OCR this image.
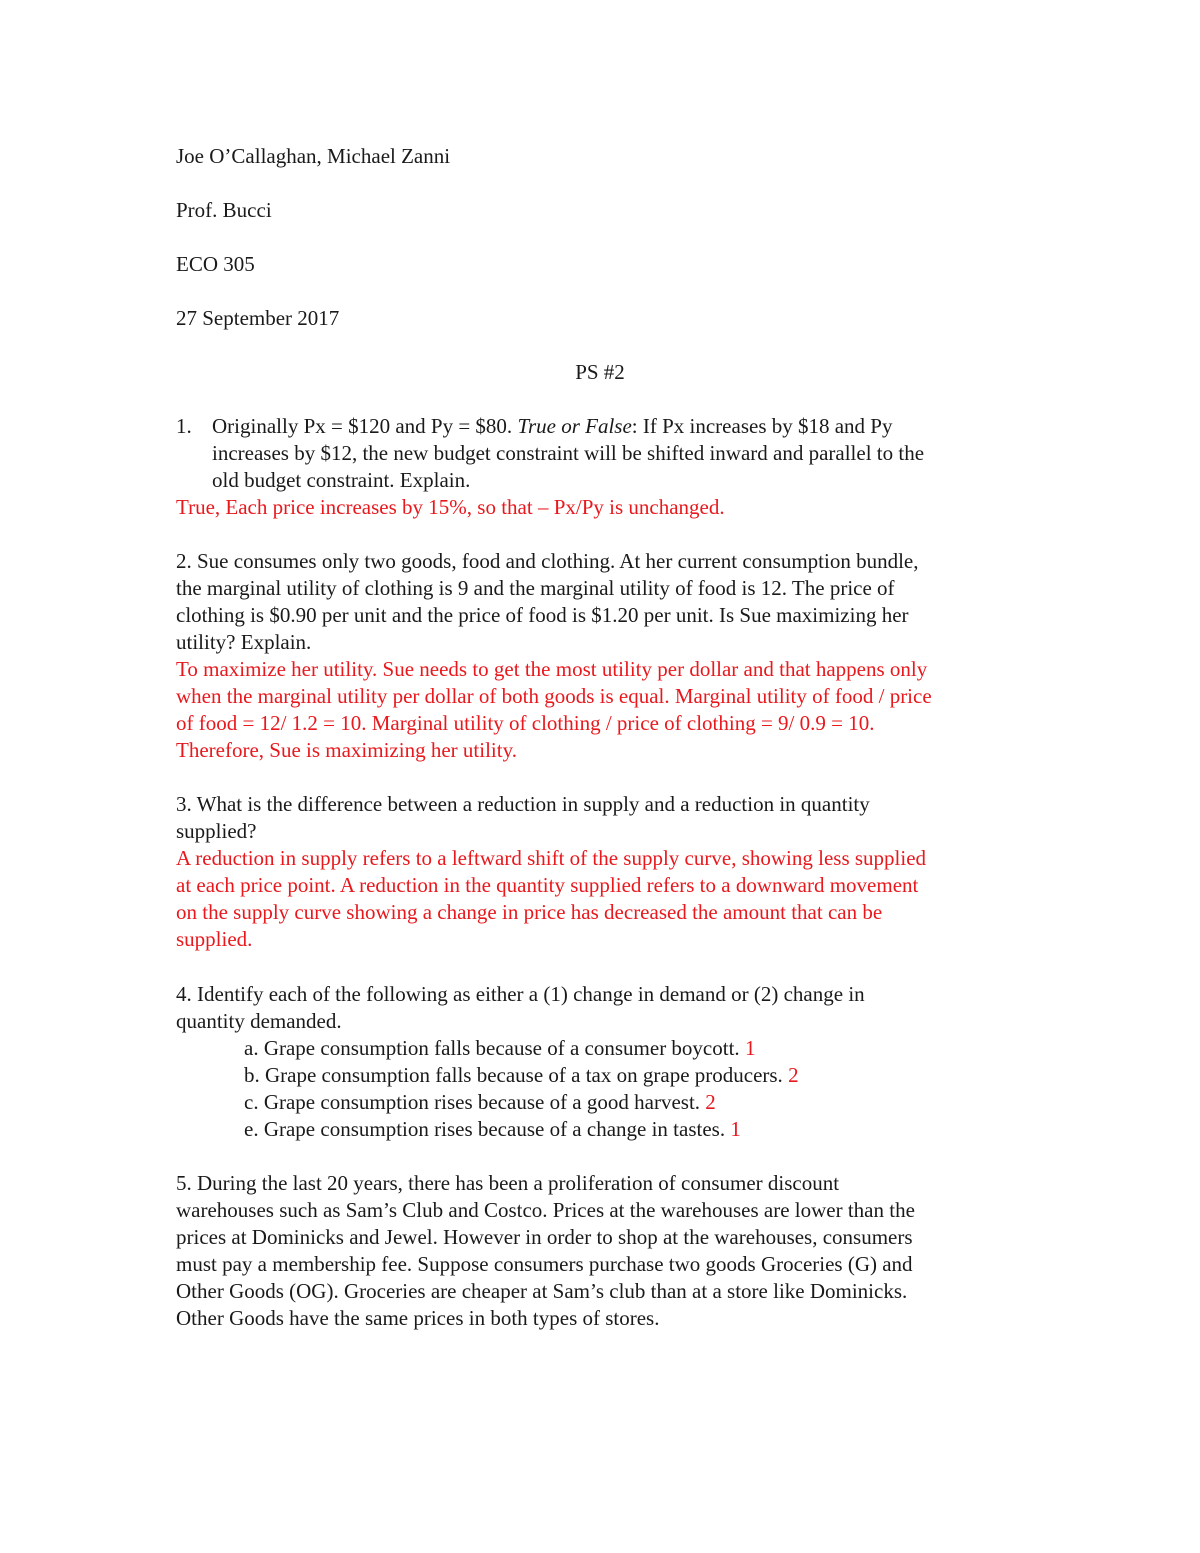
Joe O’Callaghan, Michael Zanni
Prof. Bucci
ECO 305
27 September 2017
PS #2
1. Originally Px = $120 and Py = $80. True or False: If Px increases by $18 and Py
increases by $12, the new budget constraint will be shifted inward and parallel to the
old budget constraint. Explain.
True, Each price increases by 15%, so that – Px/Py is unchanged.
2. Sue consumes only two goods, food and clothing. At her current consumption bundle,
the marginal utility of clothing is 9 and the marginal utility of food is 12. The price of
clothing is $0.90 per unit and the price of food is $1.20 per unit. Is Sue maximizing her
utility? Explain.
To maximize her utility. Sue needs to get the most utility per dollar and that happens only
when the marginal utility per dollar of both goods is equal. Marginal utility of food / price
of food = 12/ 1.2 = 10. Marginal utility of clothing / price of clothing = 9/ 0.9 = 10.
Therefore, Sue is maximizing her utility.
3. What is the difference between a reduction in supply and a reduction in quantity
supplied?
A reduction in supply refers to a leftward shift of the supply curve, showing less supplied
at each price point. A reduction in the quantity supplied refers to a downward movement
on the supply curve showing a change in price has decreased the amount that can be
supplied.
4. Identify each of the following as either a (1) change in demand or (2) change in
quantity demanded.
a. Grape consumption falls because of a consumer boycott. 1
b. Grape consumption falls because of a tax on grape producers. 2
c. Grape consumption rises because of a good harvest. 2
e. Grape consumption rises because of a change in tastes. 1
5. During the last 20 years, there has been a proliferation of consumer discount
warehouses such as Sam’s Club and Costco. Prices at the warehouses are lower than the
prices at Dominicks and Jewel. However in order to shop at the warehouses, consumers
must pay a membership fee. Suppose consumers purchase two goods Groceries (G) and
Other Goods (OG). Groceries are cheaper at Sam’s club than at a store like Dominicks.
Other Goods have the same prices in both types of stores.
